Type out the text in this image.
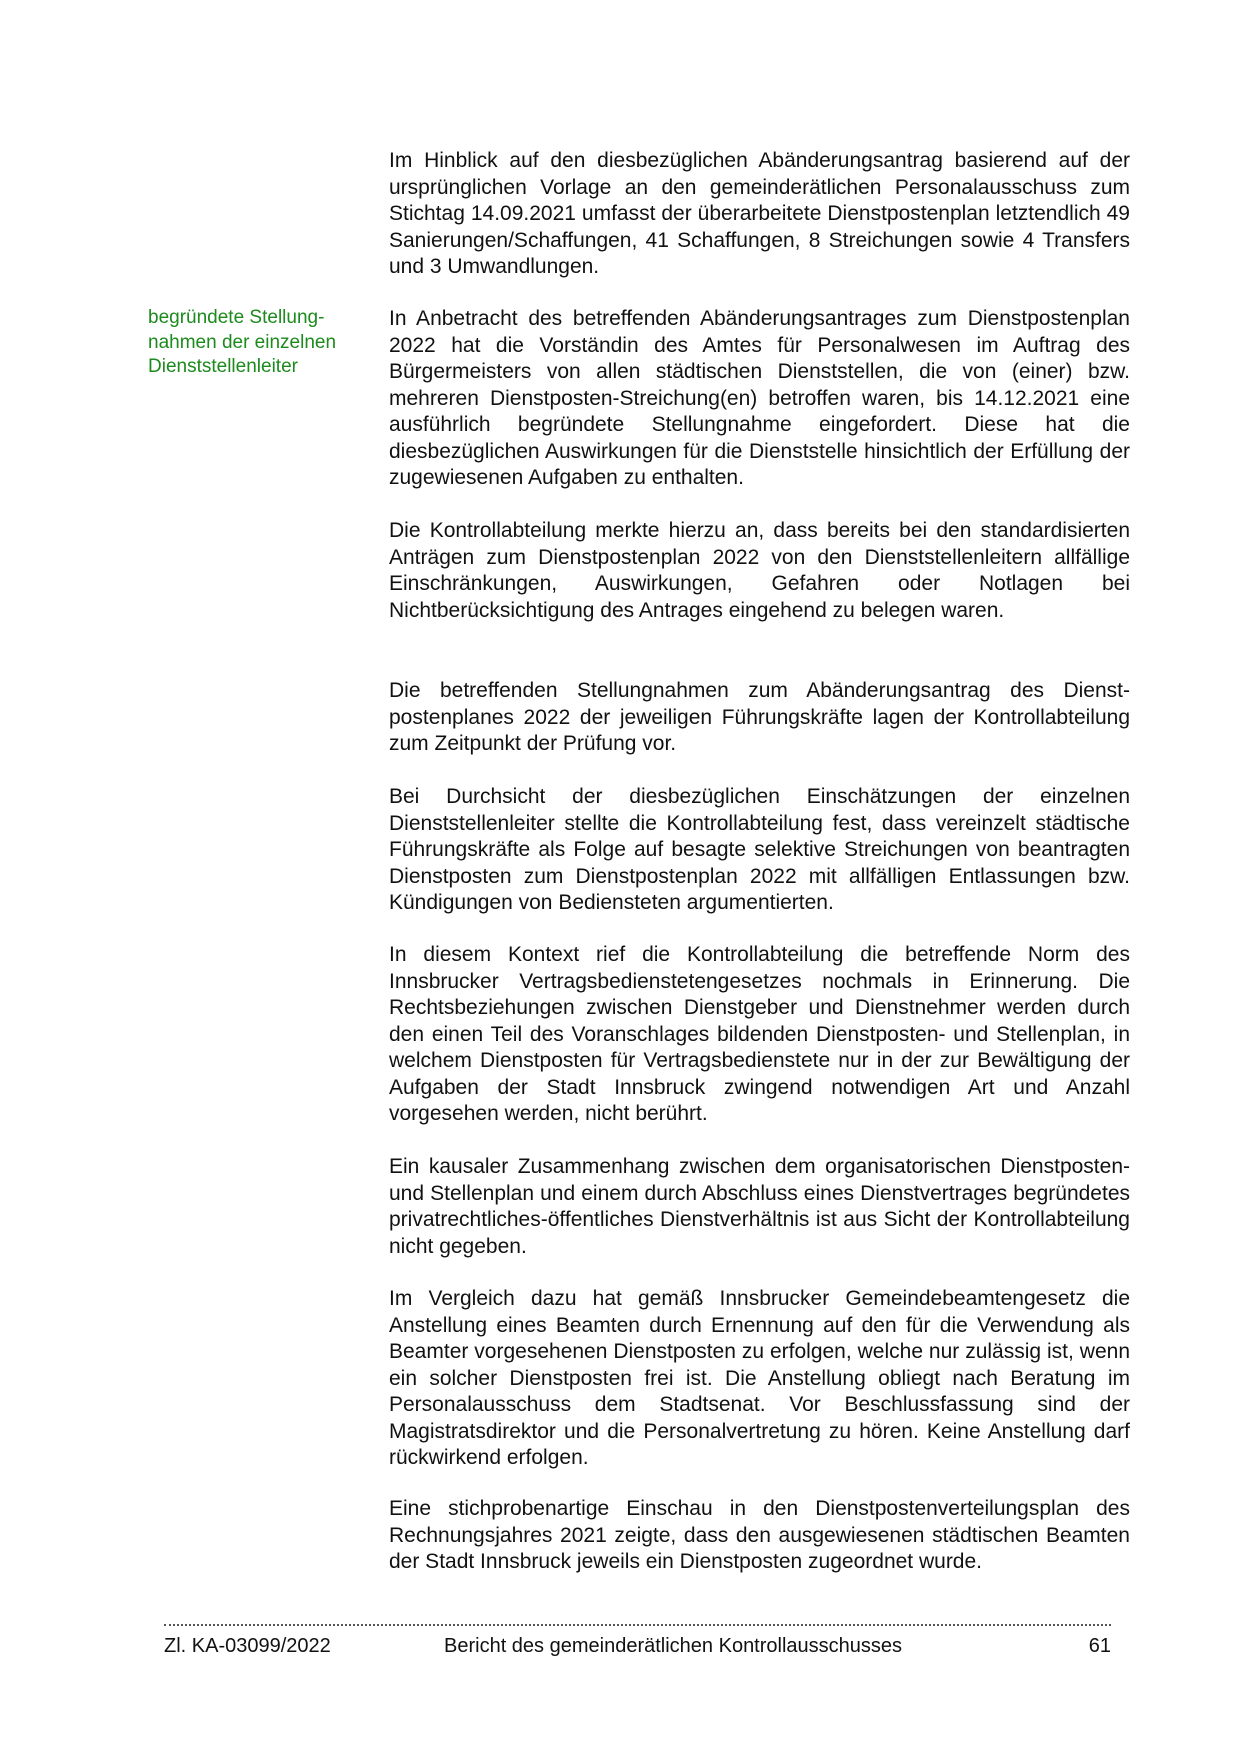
begründete Stellung-
nahmen der einzelnen
Dienststellenleiter

Im Hinblick auf den diesbezüglichen Abänderungsantrag basierend auf der ursprünglichen Vorlage an den gemeinderätlichen Personalausschuss zum Stichtag 14.09.2021 umfasst der überarbeitete Dienstpostenplan letztendlich 49 Sanierungen/Schaffungen, 41 Schaffungen, 8 Streichungen sowie 4 Transfers und 3 Umwandlungen.

In Anbetracht des betreffenden Abänderungsantrages zum Dienstpostenplan 2022 hat die Vorständin des Amtes für Personalwesen im Auftrag des Bürgermeisters von allen städtischen Dienststellen, die von (einer) bzw. mehreren Dienstposten-Streichung(en) betroffen waren, bis 14.12.2021 eine ausführlich begründete Stellungnahme eingefordert. Diese hat die diesbezüglichen Auswirkungen für die Dienststelle hinsichtlich der Erfüllung der zugewiesenen Aufgaben zu enthalten.

Die Kontrollabteilung merkte hierzu an, dass bereits bei den standardisierten Anträgen zum Dienstpostenplan 2022 von den Dienststellenleitern allfällige Einschränkungen, Auswirkungen, Gefahren oder Notlagen bei Nichtberücksichtigung des Antrages eingehend zu belegen waren.

Die betreffenden Stellungnahmen zum Abänderungsantrag des Dienstpostenplanes 2022 der jeweiligen Führungskräfte lagen der Kontrollabteilung zum Zeitpunkt der Prüfung vor.

Bei Durchsicht der diesbezüglichen Einschätzungen der einzelnen Dienststellenleiter stellte die Kontrollabteilung fest, dass vereinzelt städtische Führungskräfte als Folge auf besagte selektive Streichungen von beantragten Dienstposten zum Dienstpostenplan 2022 mit allfälligen Entlassungen bzw. Kündigungen von Bediensteten argumentierten.

In diesem Kontext rief die Kontrollabteilung die betreffende Norm des Innsbrucker Vertragsbedienstetengesetzes nochmals in Erinnerung. Die Rechtsbeziehungen zwischen Dienstgeber und Dienstnehmer werden durch den einen Teil des Voranschlages bildenden Dienstposten- und Stellenplan, in welchem Dienstposten für Vertragsbedienstete nur in der zur Bewältigung der Aufgaben der Stadt Innsbruck zwingend notwendigen Art und Anzahl vorgesehen werden, nicht berührt.

Ein kausaler Zusammenhang zwischen dem organisatorischen Dienstposten- und Stellenplan und einem durch Abschluss eines Dienstvertrages begründetes privatrechtliches-öffentliches Dienstverhältnis ist aus Sicht der Kontrollabteilung nicht gegeben.

Im Vergleich dazu hat gemäß Innsbrucker Gemeindebeamtengesetz die Anstellung eines Beamten durch Ernennung auf den für die Verwendung als Beamter vorgesehenen Dienstposten zu erfolgen, welche nur zulässig ist, wenn ein solcher Dienstposten frei ist. Die Anstellung obliegt nach Beratung im Personalausschuss dem Stadtsenat. Vor Beschlussfassung sind der Magistratsdirektor und die Personalvertretung zu hören. Keine Anstellung darf rückwirkend erfolgen.

Eine stichprobenartige Einschau in den Dienstpostenverteilungsplan des Rechnungsjahres 2021 zeigte, dass den ausgewiesenen städtischen Beamten der Stadt Innsbruck jeweils ein Dienstposten zugeordnet wurde.

Zl. KA-03099/2022	Bericht des gemeinderätlichen Kontrollausschusses	61
